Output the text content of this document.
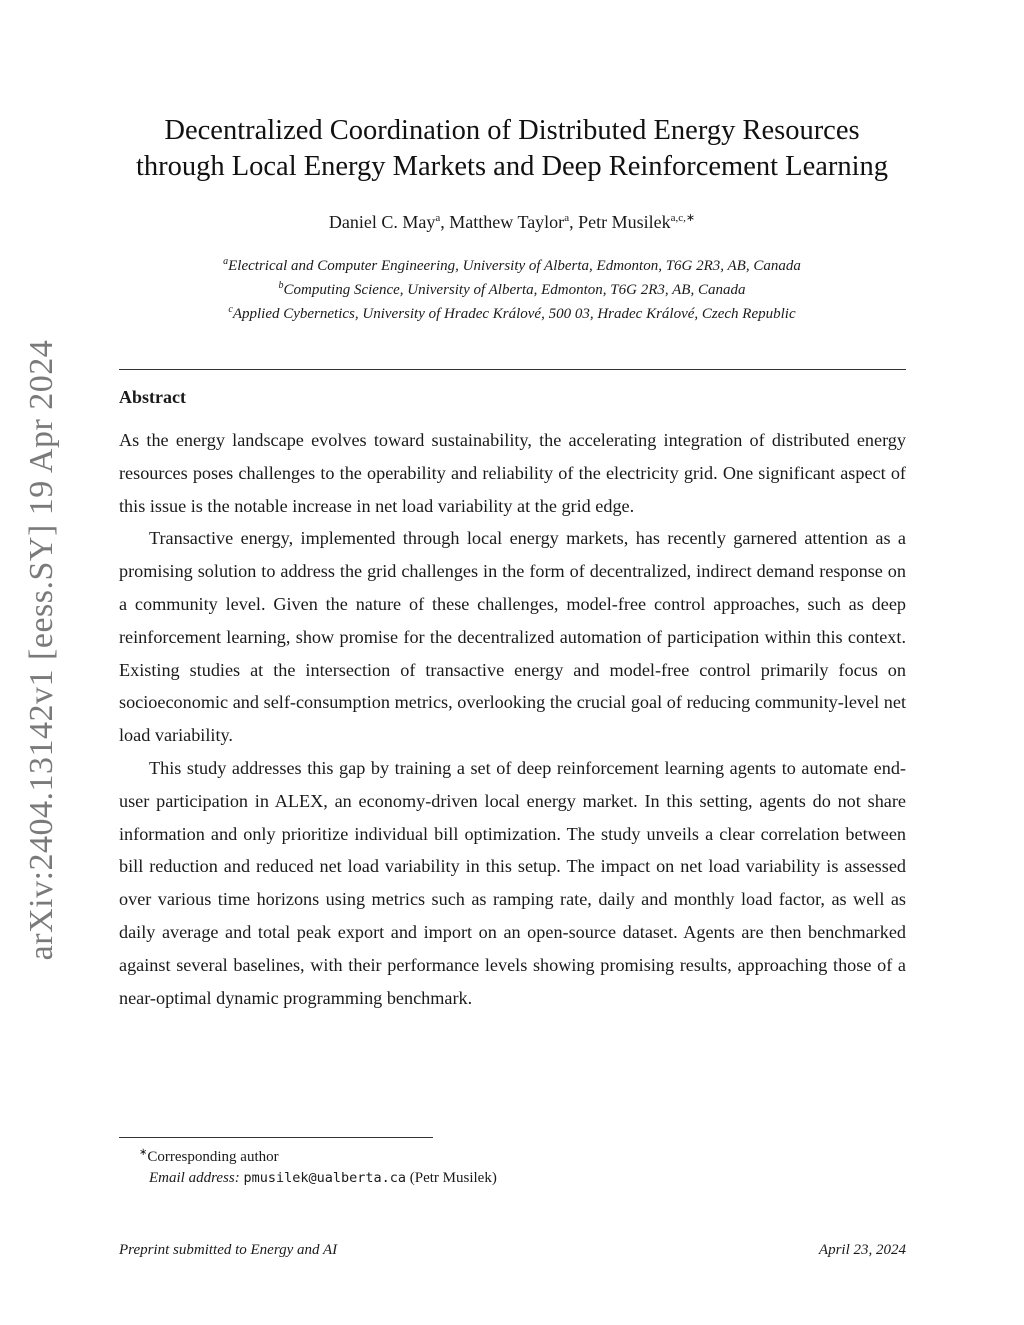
arXiv:2404.13142v1 [eess.SY] 19 Apr 2024
Decentralized Coordination of Distributed Energy Resources
through Local Energy Markets and Deep Reinforcement Learning
Daniel C. May$^a$, Matthew Taylor$^a$, Petr Musilek$^{a,c,∗}$
$^a$Electrical and Computer Engineering, University of Alberta, Edmonton, T6G 2R3, AB, Canada
$^b$Computing Science, University of Alberta, Edmonton, T6G 2R3, AB, Canada
$^c$Applied Cybernetics, University of Hradec Králové, 500 03, Hradec Králové, Czech Republic
Abstract

As the energy landscape evolves toward sustainability, the accelerating integration of distributed energy resources poses challenges to the operability and reliability of the electricity grid. One significant aspect of this issue is the notable increase in net load variability at the grid edge.

Transactive energy, implemented through local energy markets, has recently garnered attention as a promising solution to address the grid challenges in the form of decentralized, indirect demand response on a community level. Given the nature of these challenges, model-free control approaches, such as deep reinforcement learning, show promise for the decentralized automation of participation within this context. Existing studies at the intersection of transactive energy and model-free control primarily focus on socioeconomic and self-consumption metrics, overlooking the crucial goal of reducing community-level net load variability.

This study addresses this gap by training a set of deep reinforcement learning agents to automate end-user participation in ALEX, an economy-driven local energy market. In this setting, agents do not share information and only prioritize individual bill optimization. The study unveils a clear correlation between bill reduction and reduced net load variability in this setup. The impact on net load variability is assessed over various time horizons using metrics such as ramping rate, daily and monthly load factor, as well as daily average and total peak export and import on an open-source dataset. Agents are then benchmarked against several baselines, with their performance levels showing promising results, approaching those of a near-optimal dynamic programming benchmark.

∗Corresponding author
Email address: pmusilek@ualberta.ca (Petr Musilek)
Preprint submitted to Energy and AI	April 23, 2024
